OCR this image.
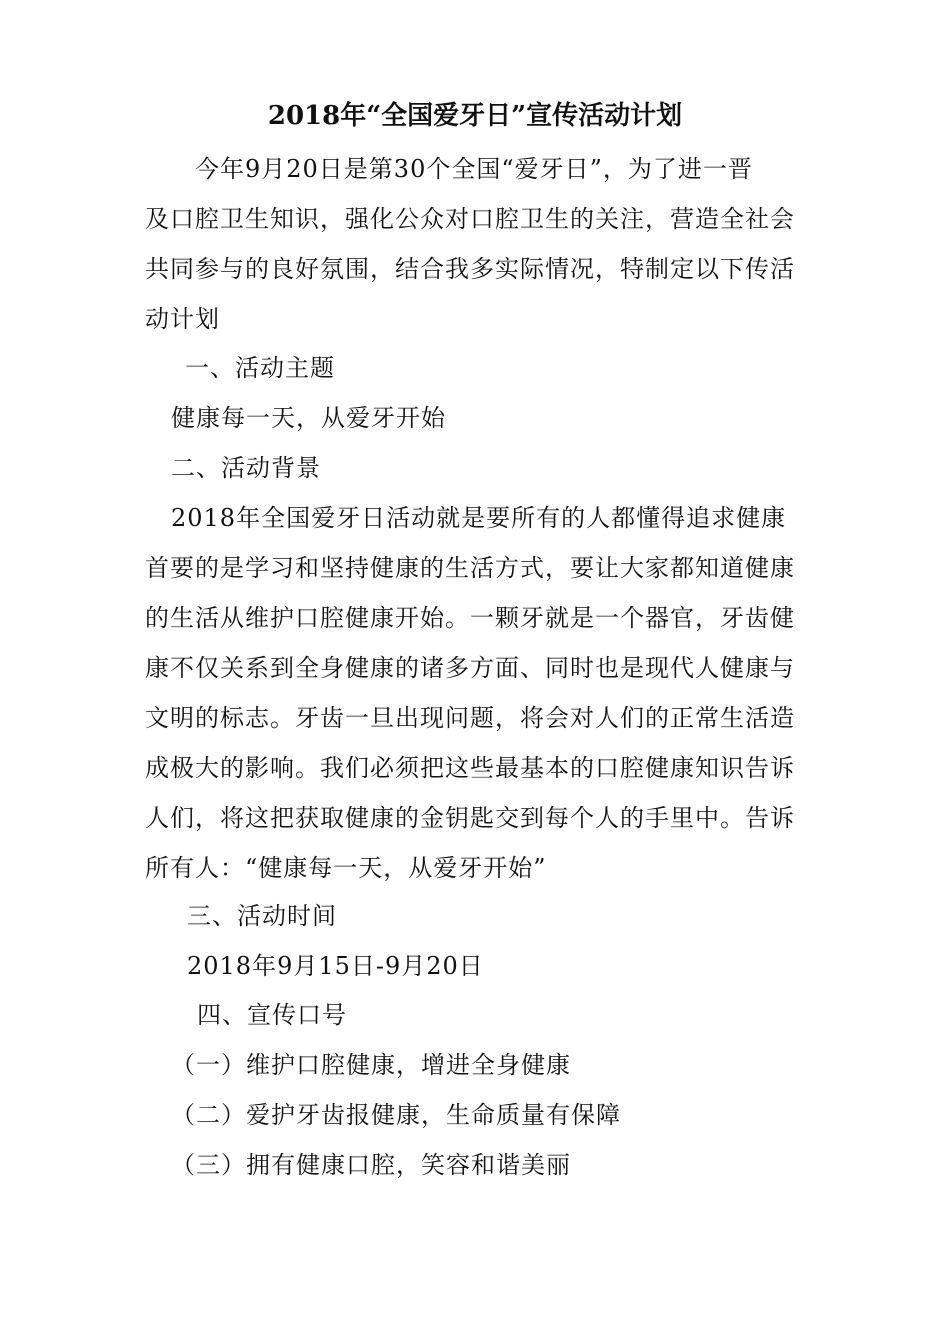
2018年“全国爱牙日”宣传活动计划
今年9月20日是第30个全国“爱牙日”，为了进一晋
及口腔卫生知识，强化公众对口腔卫生的关注，营造全社会
共同参与的良好氛围，结合我多实际情况，特制定以下传活
动计划
一、活动主题
健康每一天，从爱牙开始
二、活动背景
2018年全国爱牙日活动就是要所有的人都懂得追求健康
首要的是学习和坚持健康的生活方式，要让大家都知道健康
的生活从维护口腔健康开始。一颗牙就是一个器官，牙齿健
康不仅关系到全身健康的诸多方面、同时也是现代人健康与
文明的标志。牙齿一旦出现问题，将会对人们的正常生活造
成极大的影响。我们必须把这些最基本的口腔健康知识告诉
人们，将这把获取健康的金钥匙交到每个人的手里中。告诉
所有人：“健康每一天，从爱牙开始”
三、活动时间
2018年9月15日-9月20日
四、宣传口号
（一）维护口腔健康，增进全身健康
（二）爱护牙齿报健康，生命质量有保障
（三）拥有健康口腔，笑容和谐美丽
